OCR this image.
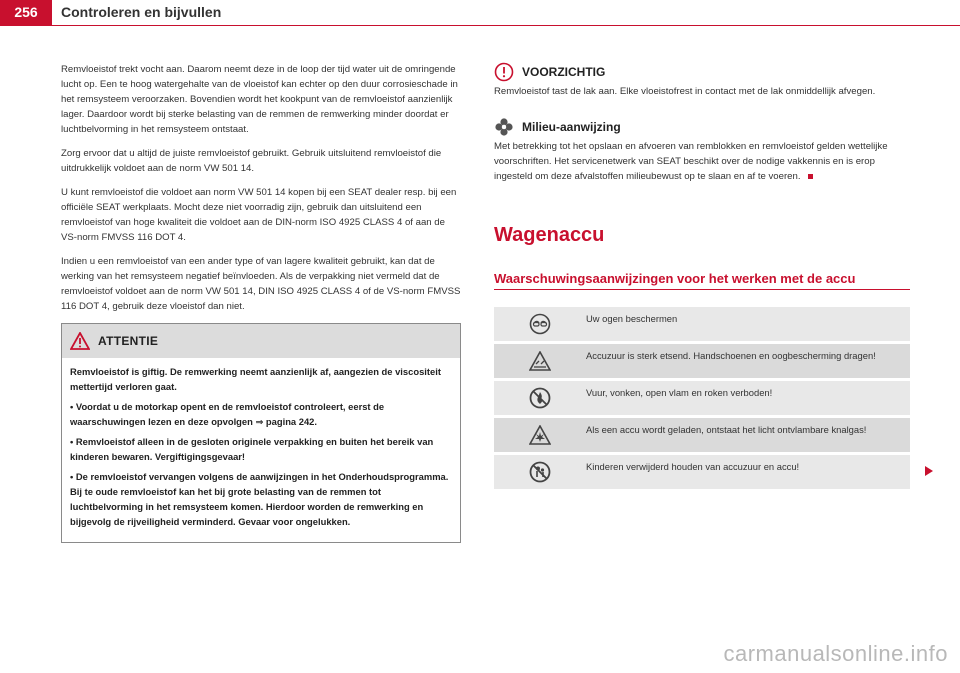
256	Controleren en bijvullen

Remvloeistof trekt vocht aan. Daarom neemt deze in de loop der tijd water uit de omringende lucht op. Een te hoog watergehalte van de vloeistof kan echter op den duur corrosieschade in het remsysteem veroorzaken. Bovendien wordt het kookpunt van de remvloeistof aanzienlijk lager. Daardoor wordt bij sterke belasting van de remmen de remwerking minder doordat er luchtbelvorming in het remsysteem ontstaat.

Zorg ervoor dat u altijd de juiste remvloeistof gebruikt. Gebruik uitsluitend remvloeistof die uitdrukkelijk voldoet aan de norm VW 501 14.

U kunt remvloeistof die voldoet aan norm VW 501 14 kopen bij een SEAT dealer resp. bij een officiële SEAT werkplaats. Mocht deze niet voorradig zijn, gebruik dan uitsluitend een remvloeistof van hoge kwaliteit die voldoet aan de DIN-norm ISO 4925 CLASS 4 of aan de VS-norm FMVSS 116 DOT 4.

Indien u een remvloeistof van een ander type of van lagere kwaliteit gebruikt, kan dat de werking van het remsysteem negatief beïnvloeden. Als de verpakking niet vermeld dat de remvloeistof voldoet aan de norm VW 501 14, DIN ISO 4925 CLASS 4 of de VS-norm FMVSS 116 DOT 4, gebruik deze vloeistof dan niet.

ATTENTIE

Remvloeistof is giftig. De remwerking neemt aanzienlijk af, aangezien de viscositeit mettertijd verloren gaat.

• Voordat u de motorkap opent en de remvloeistof controleert, eerst de waarschuwingen lezen en deze opvolgen ⇒ pagina 242.

• Remvloeistof alleen in de gesloten originele verpakking en buiten het bereik van kinderen bewaren. Vergiftigingsgevaar!

• De remvloeistof vervangen volgens de aanwijzingen in het Onderhoudsprogramma. Bij te oude remvloeistof kan het bij grote belasting van de remmen tot luchtbelvorming in het remsysteem komen. Hierdoor worden de remwerking en bijgevolg de rijveiligheid verminderd. Gevaar voor ongelukken.

VOORZICHTIG

Remvloeistof tast de lak aan. Elke vloeistofrest in contact met de lak onmiddellijk afvegen.

Milieu-aanwijzing

Met betrekking tot het opslaan en afvoeren van remblokken en remvloeistof gelden wettelijke voorschriften. Het servicenetwerk van SEAT beschikt over de nodige vakkennis en is erop ingesteld om deze afvalstoffen milieubewust op te slaan en af te voeren.

Wagenaccu
Waarschuwingsaanwijzingen voor het werken met de accu
Uw ogen beschermen
Accuzuur is sterk etsend. Handschoenen en oogbescherming dragen!
Vuur, vonken, open vlam en roken verboden!
Als een accu wordt geladen, ontstaat het licht ontvlambare knalgas!
Kinderen verwijderd houden van accuzuur en accu!
carmanualsonline.info
